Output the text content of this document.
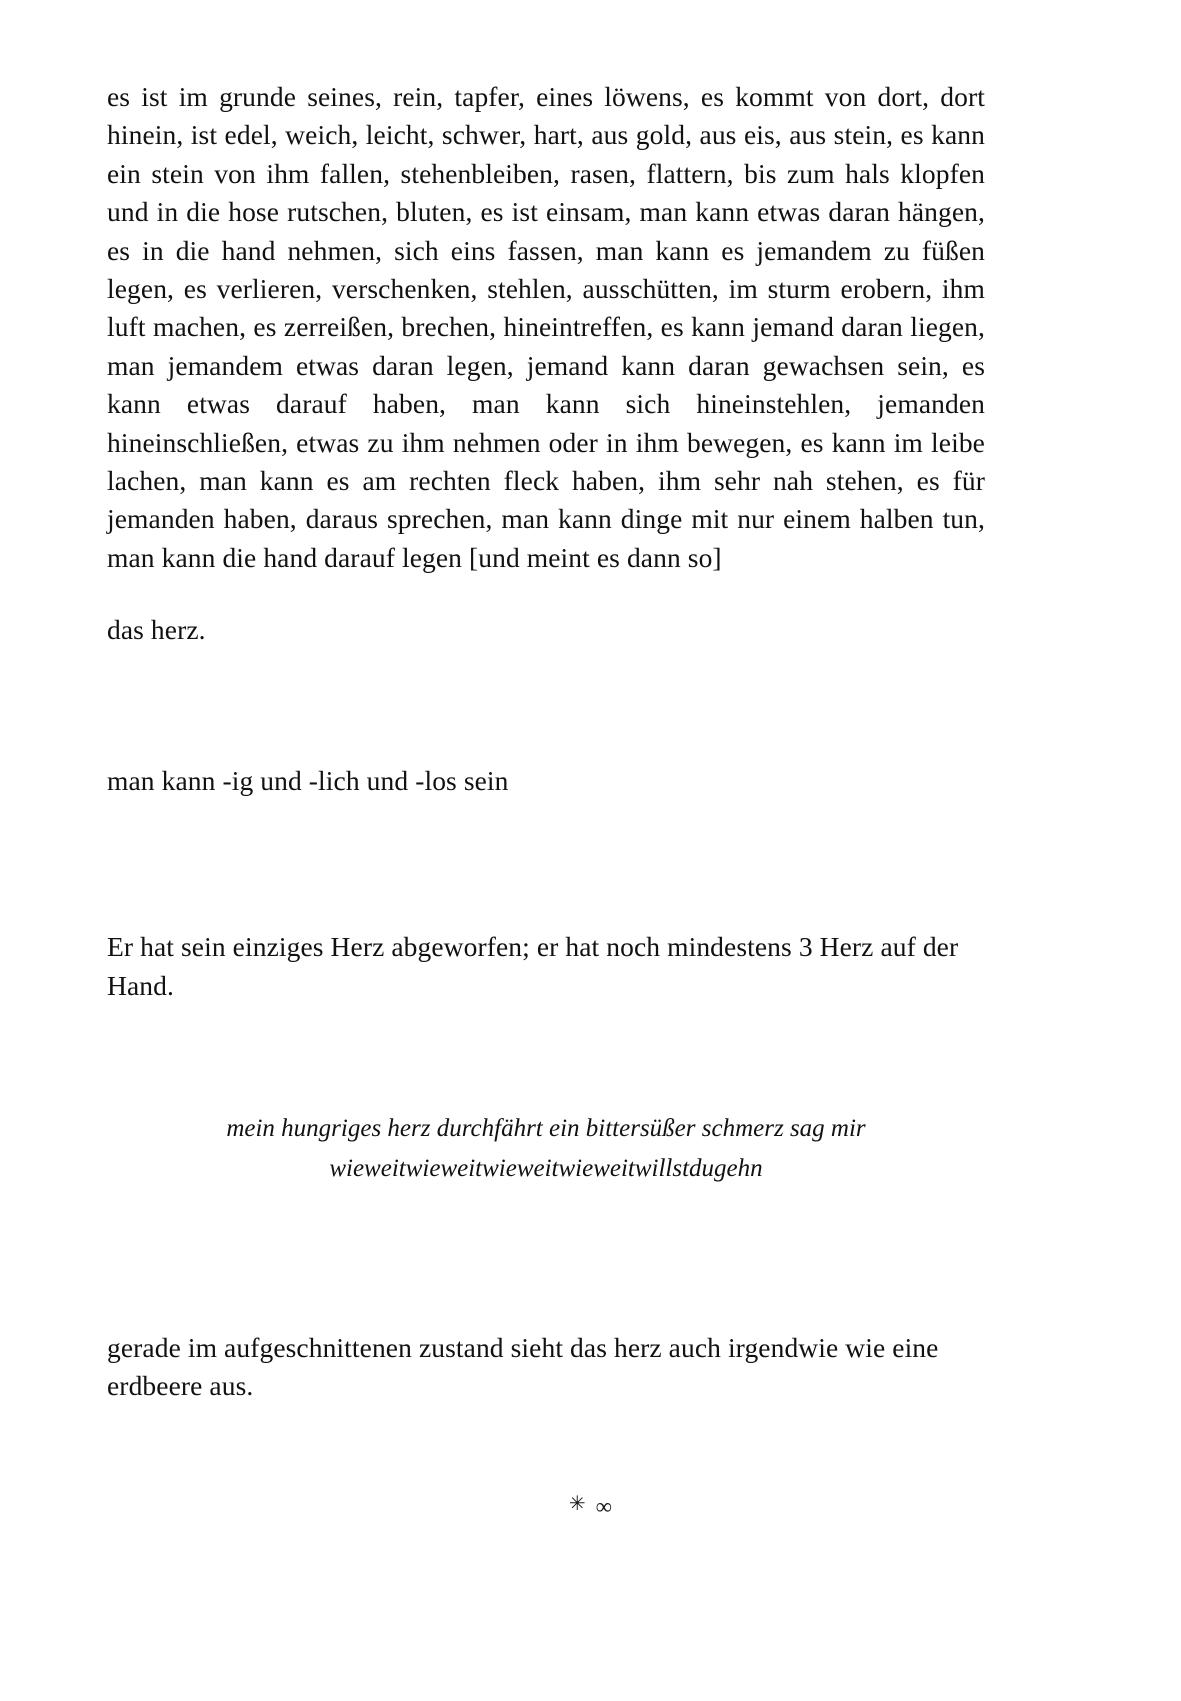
es ist im grunde seines, rein, tapfer, eines löwens, es kommt von dort, dort hinein, ist edel, weich, leicht, schwer, hart, aus gold, aus eis, aus stein, es kann ein stein von ihm fallen, stehenbleiben, rasen, flattern, bis zum hals klopfen und in die hose rutschen, bluten, es ist einsam, man kann etwas daran hängen, es in die hand nehmen, sich eins fassen, man kann es jemandem zu füßen legen, es verlieren, verschenken, stehlen, ausschütten, im sturm erobern, ihm luft machen, es zerreißen, brechen, hineintreffen, es kann jemand daran liegen, man jemandem etwas daran legen, jemand kann daran gewachsen sein, es kann etwas darauf haben, man kann sich hineinstehlen, jemanden hineinschließen, etwas zu ihm nehmen oder in ihm bewegen, es kann im leibe lachen, man kann es am rechten fleck haben, ihm sehr nah stehen, es für jemanden haben, daraus sprechen, man kann dinge mit nur einem halben tun, man kann die hand darauf legen [und meint es dann so]

das herz.

man kann -ig und -lich und -los sein

Er hat sein einziges Herz abgeworfen; er hat noch mindestens 3 Herz auf der Hand.

mein hungriges herz durchfährt ein bittersüßer schmerz sag mir
wieweitwieweitwieweitwieweitwillstdugehn

gerade im aufgeschnittenen zustand sieht das herz auch irgendwie wie eine erdbeere aus.

✳∞
